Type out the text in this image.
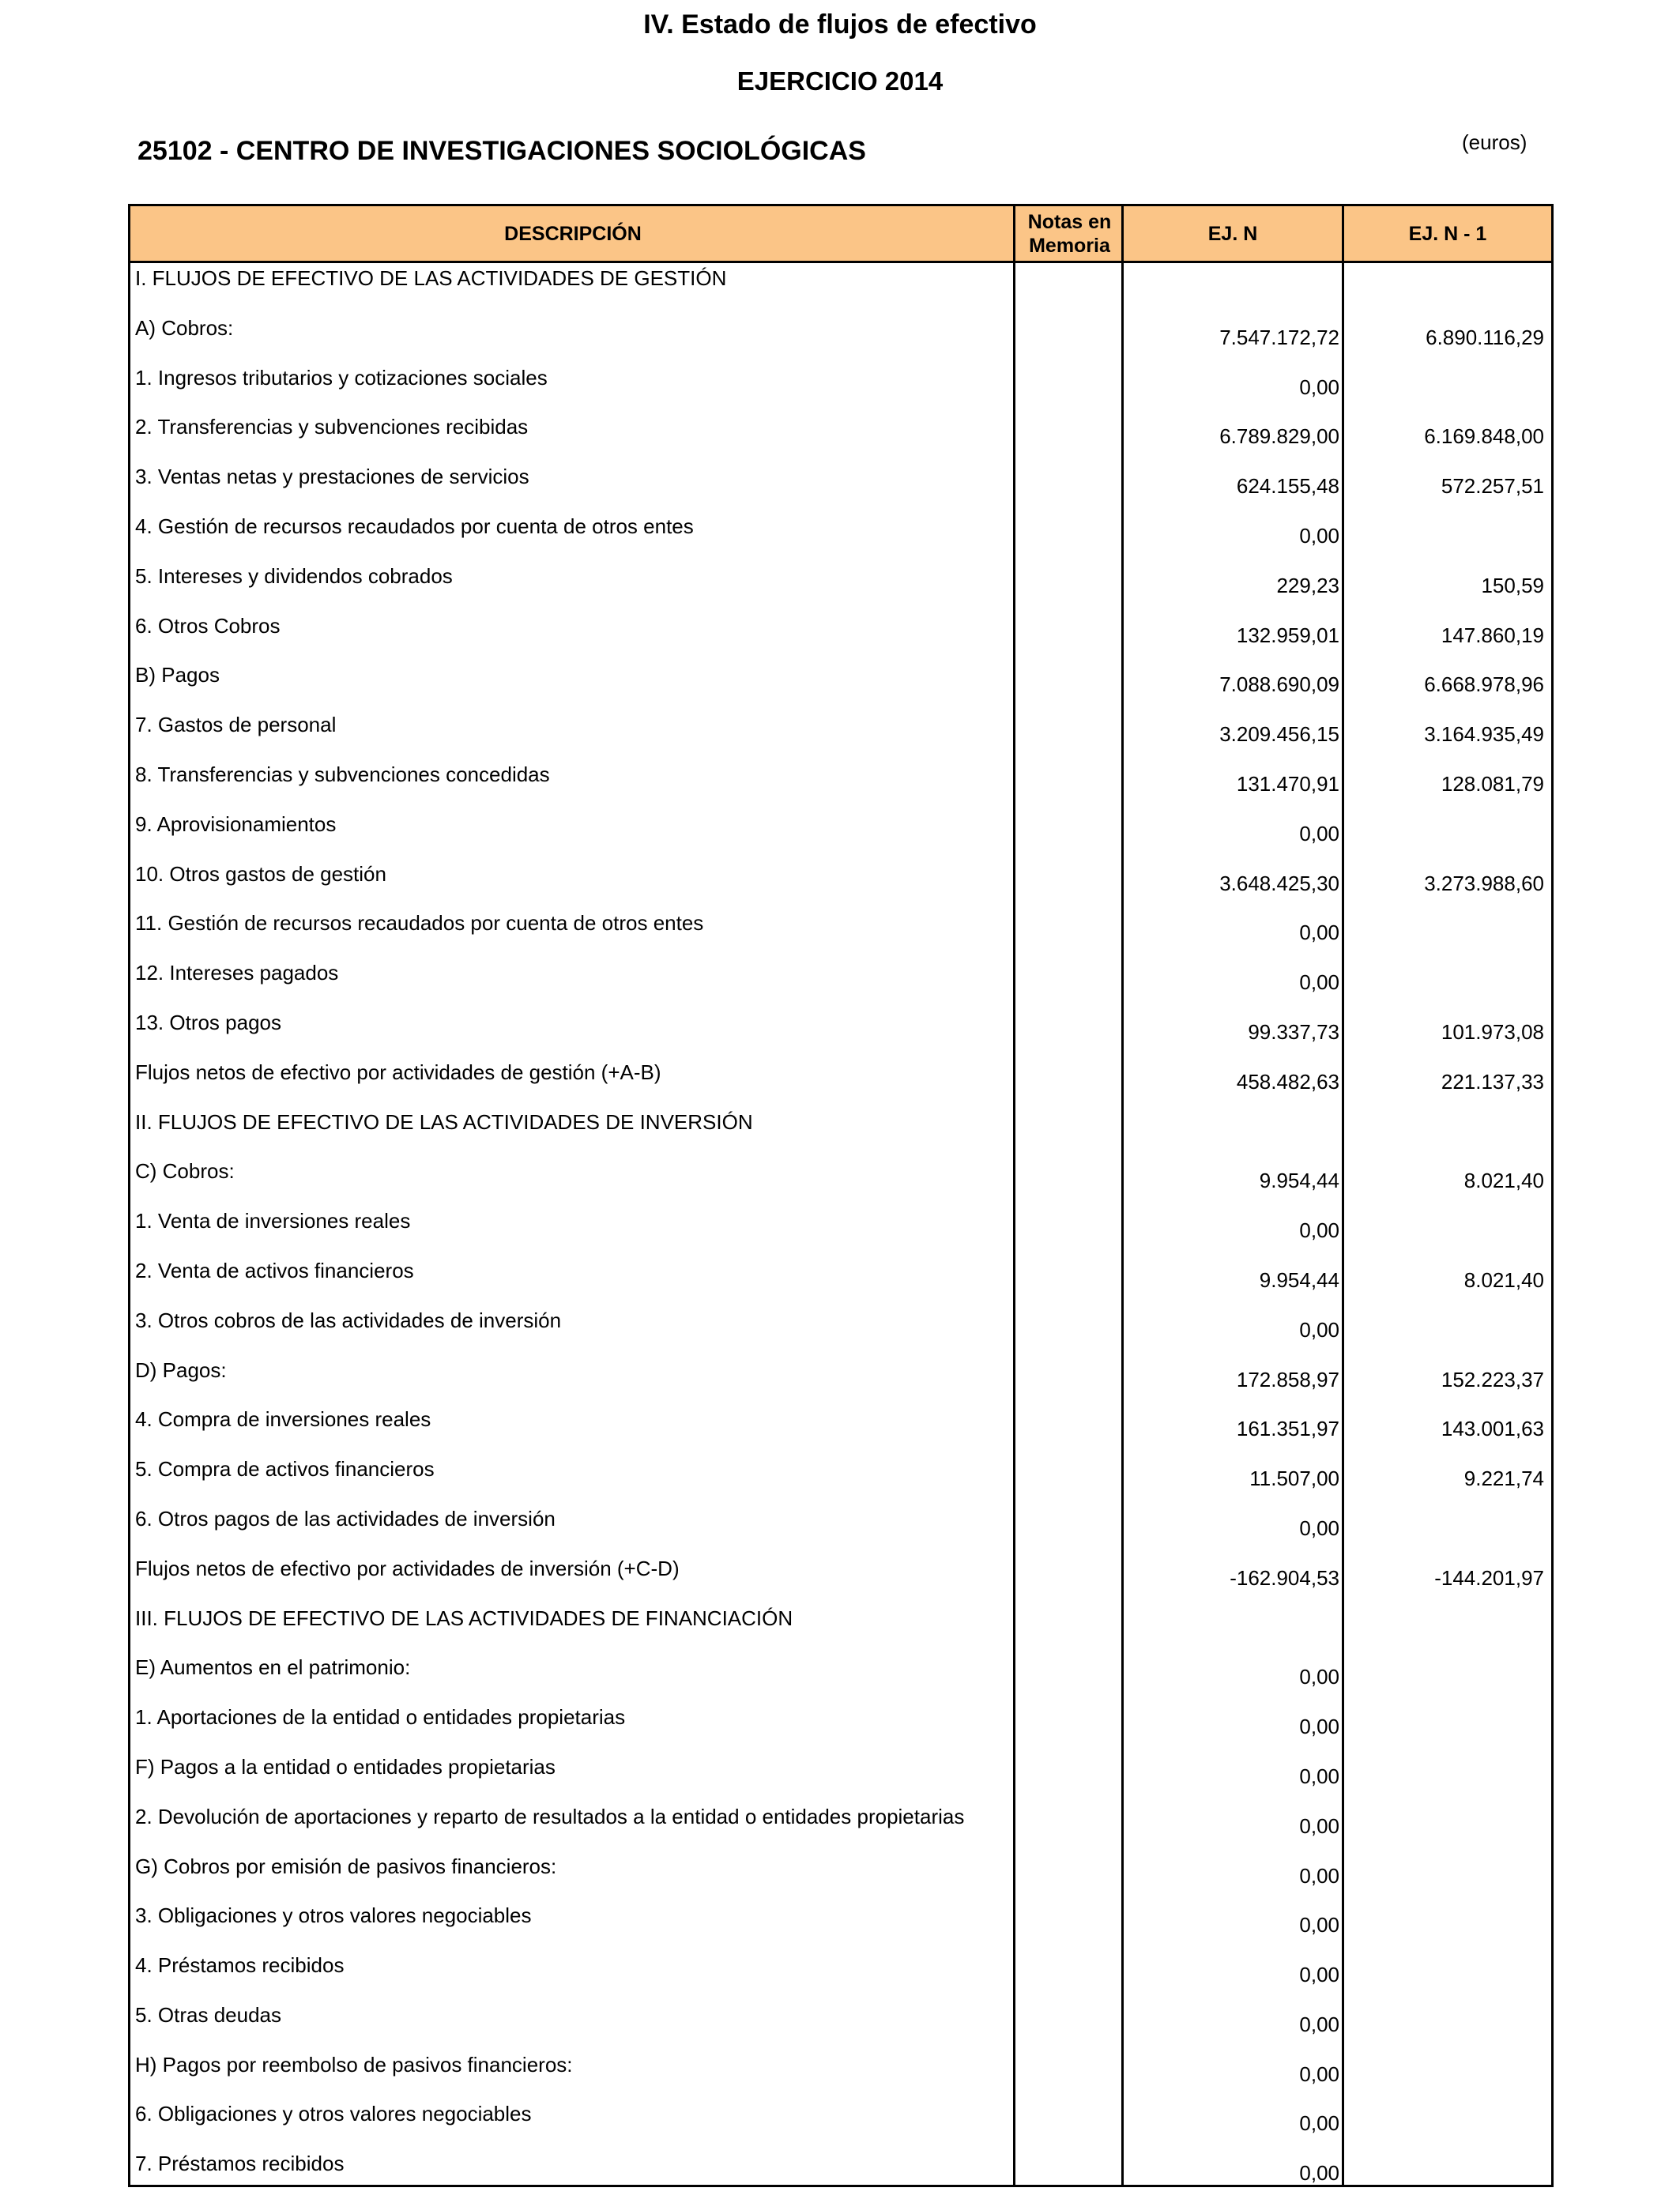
IV. Estado de flujos de efectivo
EJERCICIO 2014
25102 - CENTRO DE INVESTIGACIONES SOCIOLÓGICAS	(euros)
DESCRIPCIÓN
Notas en Memoria
EJ. N	EJ. N - 1
I. FLUJOS DE EFECTIVO DE LAS ACTIVIDADES DE GESTIÓN
A) Cobros:	7.547.172,72	6.890.116,29
1. Ingresos tributarios y cotizaciones sociales	0,00
2. Transferencias y subvenciones recibidas	6.789.829,00	6.169.848,00
3. Ventas netas y prestaciones de servicios	624.155,48	572.257,51
4. Gestión de recursos recaudados por cuenta de otros entes	0,00
5. Intereses y dividendos cobrados	229,23	150,59
6. Otros Cobros	132.959,01	147.860,19
B) Pagos	7.088.690,09	6.668.978,96
7. Gastos de personal	3.209.456,15	3.164.935,49
8. Transferencias y subvenciones concedidas	131.470,91	128.081,79
9. Aprovisionamientos	0,00
10. Otros gastos de gestión	3.648.425,30	3.273.988,60
11. Gestión de recursos recaudados por cuenta de otros entes	0,00
12. Intereses pagados	0,00
13. Otros pagos	99.337,73	101.973,08
Flujos netos de efectivo por actividades de gestión (+A-B)	458.482,63	221.137,33
II. FLUJOS DE EFECTIVO DE LAS ACTIVIDADES DE INVERSIÓN
C) Cobros:	9.954,44	8.021,40
1. Venta de inversiones reales	0,00
2. Venta de activos financieros	9.954,44	8.021,40
3. Otros cobros de las actividades de inversión	0,00
D) Pagos:	172.858,97	152.223,37
4. Compra de inversiones reales	161.351,97	143.001,63
5. Compra de activos financieros	11.507,00	9.221,74
6. Otros pagos de las actividades de inversión	0,00
Flujos netos de efectivo por actividades de inversión (+C-D)	-162.904,53	-144.201,97
III. FLUJOS DE EFECTIVO DE LAS ACTIVIDADES DE FINANCIACIÓN
E) Aumentos en el patrimonio:	0,00
1. Aportaciones de la entidad o entidades propietarias	0,00
F) Pagos a la entidad o entidades propietarias	0,00
2. Devolución de aportaciones y reparto de resultados a la entidad o entidades propietarias	0,00
G) Cobros por emisión de pasivos financieros:	0,00
3. Obligaciones y otros valores negociables	0,00
4. Préstamos recibidos	0,00
5. Otras deudas	0,00
H) Pagos por reembolso de pasivos financieros:	0,00
6. Obligaciones y otros valores negociables	0,00
7. Préstamos recibidos	0,00
